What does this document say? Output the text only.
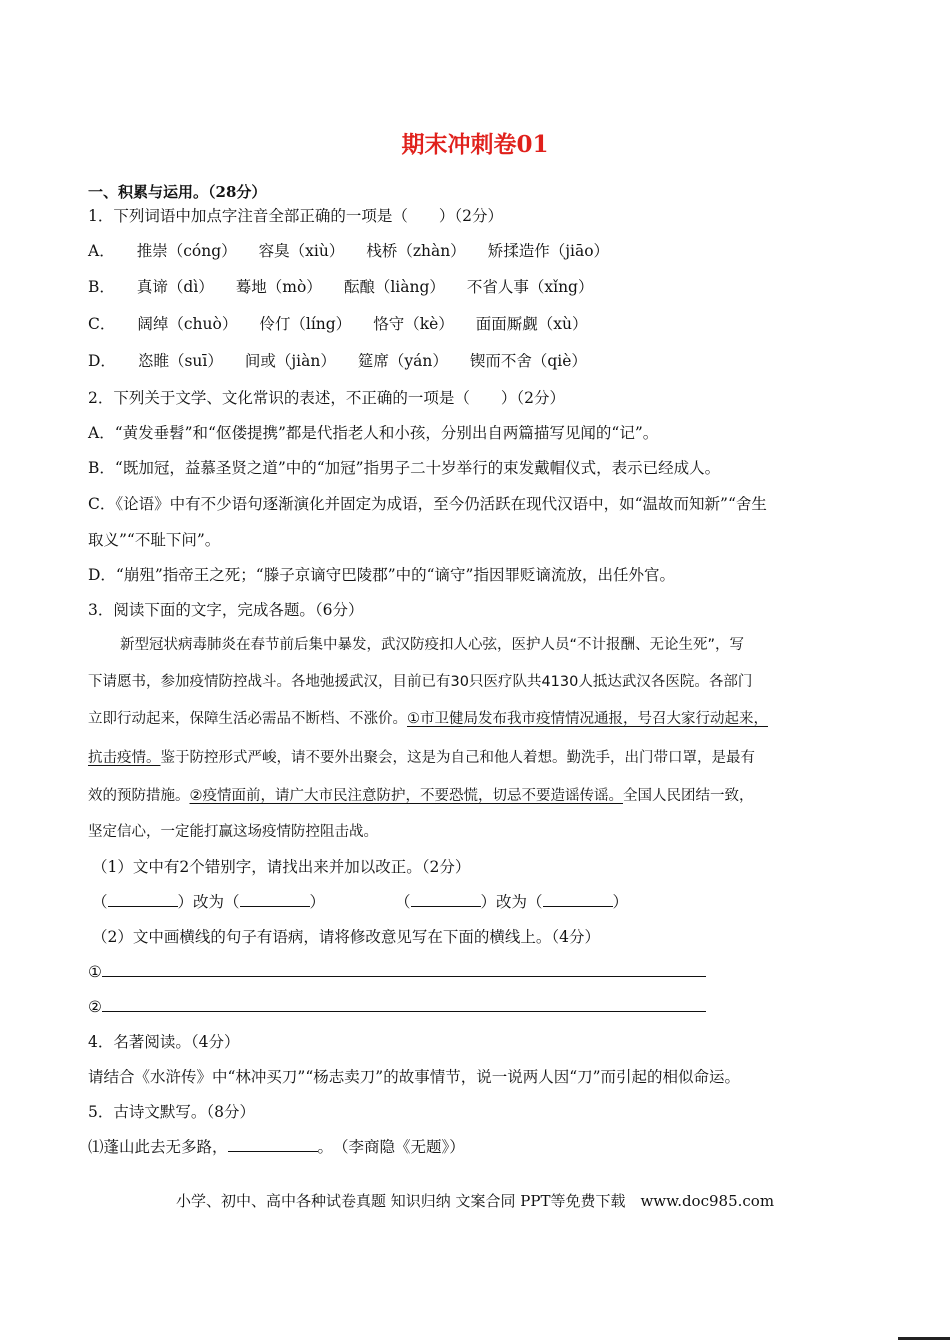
期末冲刺卷01
一、积累与运用。（28分）
1．下列词语中加点字注音全部正确的一项是（　　）（2分）
A． 推崇（cóng） 容臭（xiù） 栈桥（zhàn） 矫揉造作（jiāo）
B． 真谛（dì） 蓦地（mò） 酝酿（liàng） 不省人事（xǐng）
C． 阔绰（chuò） 伶仃（líng） 恪守（kè） 面面厮觑（xù）
D． 恣睢（suī） 间或（jiàn） 筵席（yán） 锲而不舍（qiè）
2．下列关于文学、文化常识的表述，不正确的一项是（　　）（2分）
A．“黄发垂髫”和“伛偻提携”都是代指老人和小孩，分别出自两篇描写见闻的“记”。
B．“既加冠，益慕圣贤之道”中的“加冠”指男子二十岁举行的束发戴帽仪式，表示已经成人。
C．《论语》中有不少语句逐渐演化并固定为成语，至今仍活跃在现代汉语中，如“温故而知新”“舍生
取义”“不耻下问”。
D．“崩殂”指帝王之死；“滕子京谪守巴陵郡”中的“谪守”指因罪贬谪流放，出任外官。
3．阅读下面的文字，完成各题。（6分）
新型冠状病毒肺炎在春节前后集中暴发，武汉防疫扣人心弦，医护人员“不计报酬、无论生死”，写
下请愿书，参加疫情防控战斗。各地弛援武汉，目前已有30只医疗队共4130人抵达武汉各医院。各部门
立即行动起来，保障生活必需品不断档、不涨价。①市卫健局发布我市疫情情况通报，号召大家行动起来，
抗击疫情。鉴于防控形式严峻，请不要外出聚会，这是为自己和他人着想。勤洗手，出门带口罩，是最有
效的预防措施。②疫情面前，请广大市民注意防护，不要恐慌，切忌不要造谣传谣。全国人民团结一致，
坚定信心，一定能打赢这场疫情防控阻击战。
（1）文中有2个错别字，请找出来并加以改正。（2分）
（	）改为（	）	（	）改为（	）
（2）文中画横线的句子有语病，请将修改意见写在下面的横线上。（4分）
①
②
4．名著阅读。（4分）
请结合《水浒传》中“林冲买刀”“杨志卖刀”的故事情节，说一说两人因“刀”而引起的相似命运。
5．古诗文默写。（8分）
⑴蓬山此去无多路，	。　（李商隐《无题》）
小学、初中、高中各种试卷真题 知识归纳 文案合同 PPT等免费下载　www.doc985.com
